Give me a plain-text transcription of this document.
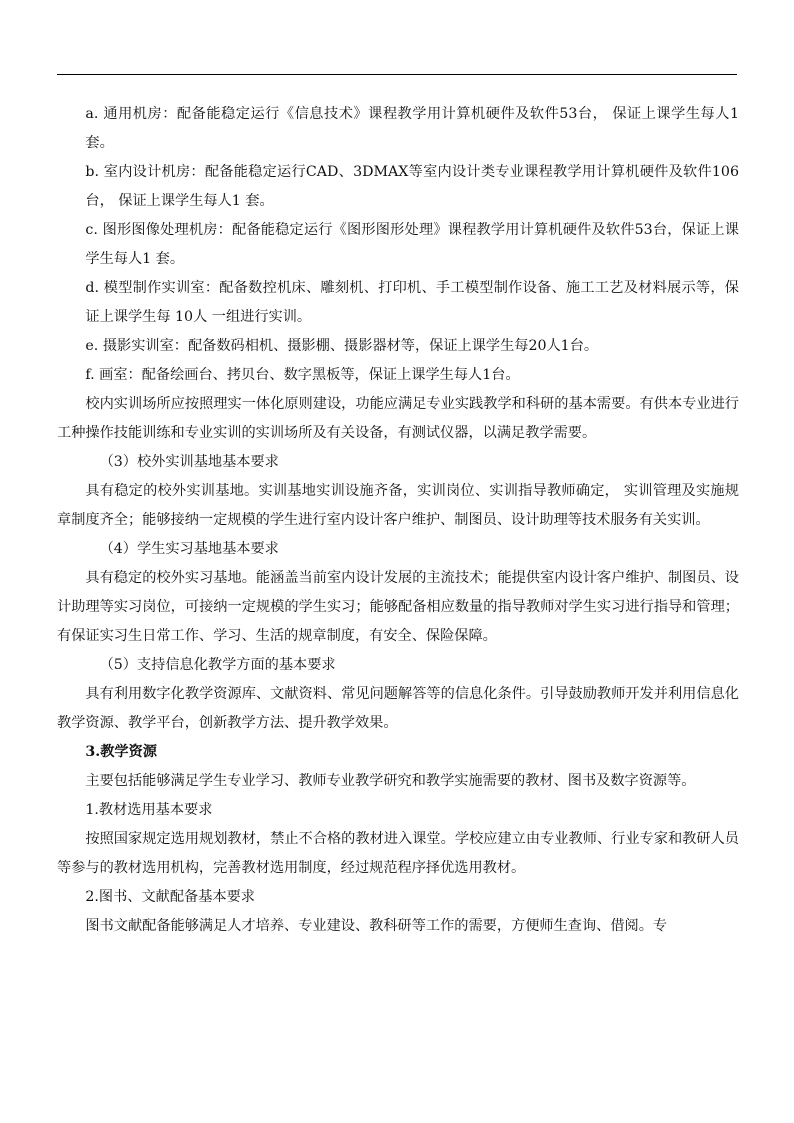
a. 通用机房：配备能稳定运行《信息技术》课程教学用计算机硬件及软件53台， 保证上课学生每人1 套。

b. 室内设计机房：配备能稳定运行CAD、3DMAX等室内设计类专业课程教学用计算机硬件及软件106台， 保证上课学生每人1 套。

c. 图形图像处理机房：配备能稳定运行《图形图形处理》课程教学用计算机硬件及软件53台，保证上课学生每人1 套。

d. 模型制作实训室：配备数控机床、雕刻机、打印机、手工模型制作设备、施工工艺及材料展示等，保证上课学生每 10人 一组进行实训。

e. 摄影实训室：配备数码相机、摄影棚、摄影器材等，保证上课学生每20人1台。

f. 画室：配备绘画台、拷贝台、数字黑板等，保证上课学生每人1台。

校内实训场所应按照理实一体化原则建设，功能应满足专业实践教学和科研的基本需要。有供本专业进行工种操作技能训练和专业实训的实训场所及有关设备，有测试仪器，以满足教学需要。

（3）校外实训基地基本要求

具有稳定的校外实训基地。实训基地实训设施齐备，实训岗位、实训指导教师确定， 实训管理及实施规章制度齐全；能够接纳一定规模的学生进行室内设计客户维护、制图员、设计助理等技术服务有关实训。

（4）学生实习基地基本要求

具有稳定的校外实习基地。能涵盖当前室内设计发展的主流技术；能提供室内设计客户维护、制图员、设计助理等实习岗位，可接纳一定规模的学生实习；能够配备相应数量的指导教师对学生实习进行指导和管理；有保证实习生日常工作、学习、生活的规章制度，有安全、保险保障。

（5）支持信息化教学方面的基本要求

具有利用数字化教学资源库、文献资料、常见问题解答等的信息化条件。引导鼓励教师开发并利用信息化教学资源、教学平台，创新教学方法、提升教学效果。

3.教学资源

主要包括能够满足学生专业学习、教师专业教学研究和教学实施需要的教材、图书及数字资源等。

1.教材选用基本要求

按照国家规定选用规划教材，禁止不合格的教材进入课堂。学校应建立由专业教师、行业专家和教研人员等参与的教材选用机构，完善教材选用制度，经过规范程序择优选用教材。

2.图书、文献配备基本要求

图书文献配备能够满足人才培养、专业建设、教科研等工作的需要，方便师生查询、借阅。专
